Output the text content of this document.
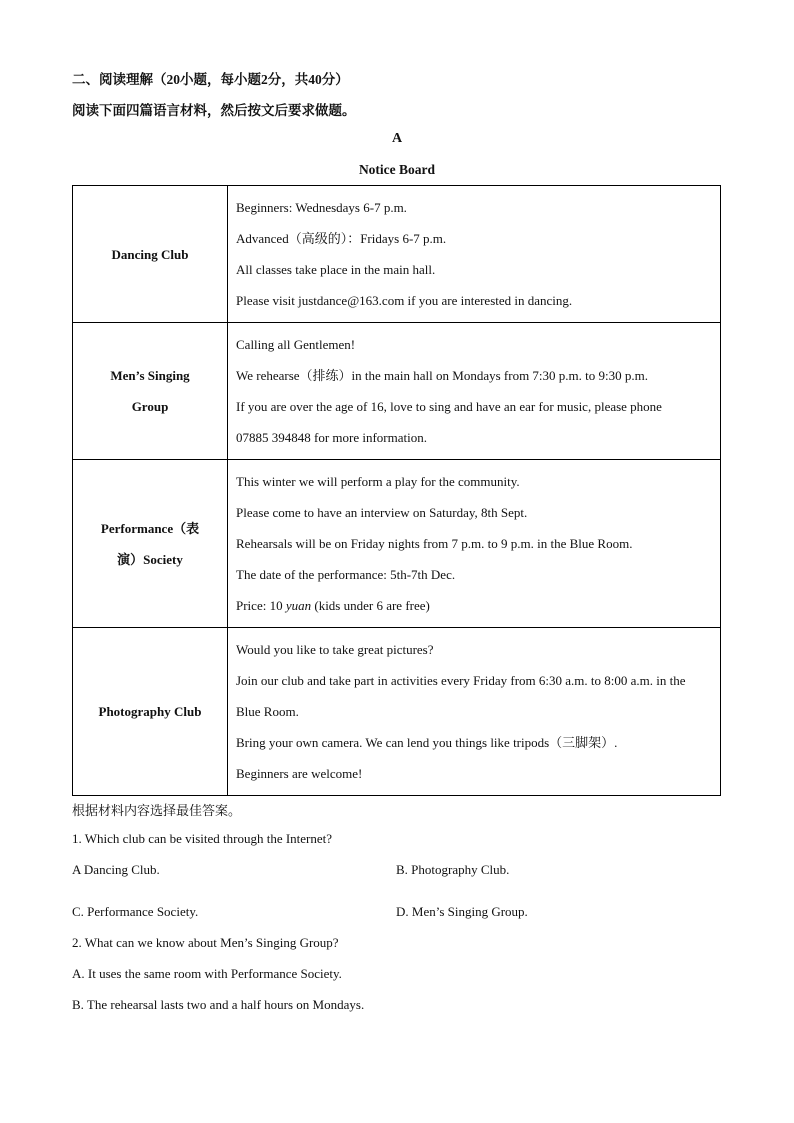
二、阅读理解（20小题，每小题2分，共40分）
阅读下面四篇语言材料，然后按文后要求做题。
A
Notice Board
Dancing Club	Beginners: Wednesdays 6-7 p.m.
Advanced（高级的）：Fridays 6-7 p.m.
All classes take place in the main hall.
Please visit justdance@163.com if you are interested in dancing.

Men’s Singing Group	Calling all Gentlemen!
We rehearse（排练）in the main hall on Mondays from 7:30 p.m. to 9:30 p.m.
If you are over the age of 16, love to sing and have an ear for music, please phone
07885 394848 for more information.

Performance（表演）Society	This winter we will perform a play for the community.
Please come to have an interview on Saturday, 8th Sept.
Rehearsals will be on Friday nights from 7 p.m. to 9 p.m. in the Blue Room.
The date of the performance: 5th-7th Dec.
Price: 10 yuan (kids under 6 are free)

Photography Club	Would you like to take great pictures?
Join our club and take part in activities every Friday from 6:30 a.m. to 8:00 a.m. in the Blue Room.
Bring your own camera. We can lend you things like tripods（三脚架）.
Beginners are welcome!
根据材料内容选择最佳答案。
1. Which club can be visited through the Internet?
A Dancing Club.	B. Photography Club.
C. Performance Society.	D. Men’s Singing Group.
2. What can we know about Men’s Singing Group?
A. It uses the same room with Performance Society.
B. The rehearsal lasts two and a half hours on Mondays.
